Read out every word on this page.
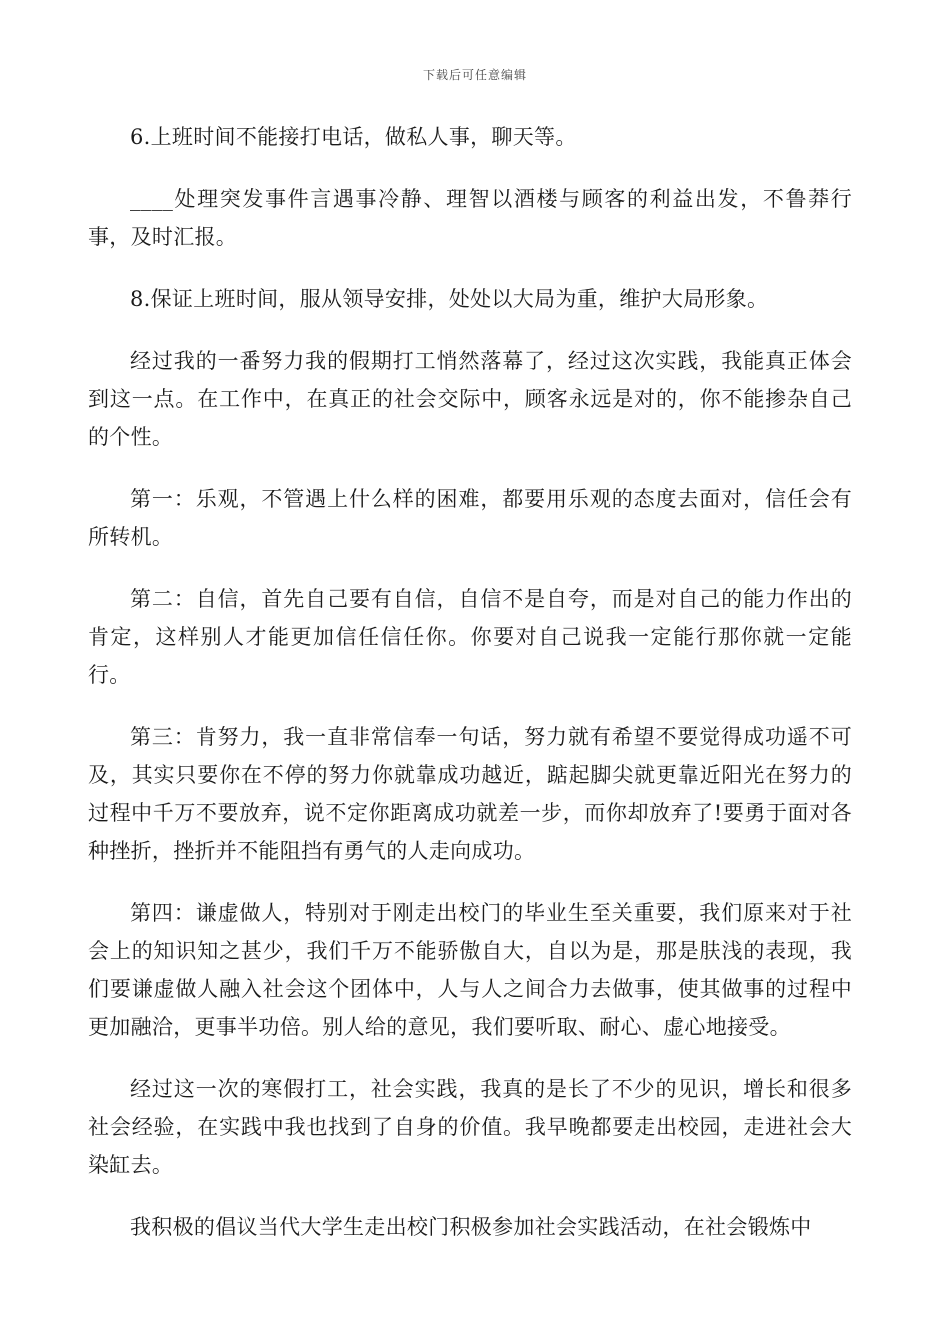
下载后可任意编辑

6.上班时间不能接打电话，做私人事，聊天等。

____处理突发事件言遇事冷静、理智以酒楼与顾客的利益出发，不鲁莽行事，及时汇报。

8.保证上班时间，服从领导安排，处处以大局为重，维护大局形象。

经过我的一番努力我的假期打工悄然落幕了，经过这次实践，我能真正体会到这一点。在工作中，在真正的社会交际中，顾客永远是对的，你不能掺杂自己的个性。

第一：乐观，不管遇上什么样的困难，都要用乐观的态度去面对，信任会有所转机。

第二：自信，首先自己要有自信，自信不是自夸，而是对自己的能力作出的肯定，这样别人才能更加信任信任你。你要对自己说我一定能行那你就一定能行。

第三：肯努力，我一直非常信奉一句话，努力就有希望不要觉得成功遥不可及，其实只要你在不停的努力你就靠成功越近，踮起脚尖就更靠近阳光在努力的过程中千万不要放弃，说不定你距离成功就差一步，而你却放弃了!要勇于面对各种挫折，挫折并不能阻挡有勇气的人走向成功。

第四：谦虚做人，特别对于刚走出校门的毕业生至关重要，我们原来对于社会上的知识知之甚少，我们千万不能骄傲自大，自以为是，那是肤浅的表现，我们要谦虚做人融入社会这个团体中，人与人之间合力去做事，使其做事的过程中更加融洽，更事半功倍。别人给的意见，我们要听取、耐心、虚心地接受。

经过这一次的寒假打工，社会实践，我真的是长了不少的见识，增长和很多社会经验，在实践中我也找到了自身的价值。我早晚都要走出校园，走进社会大染缸去。

我积极的倡议当代大学生走出校门积极参加社会实践活动，在社会锻炼中
